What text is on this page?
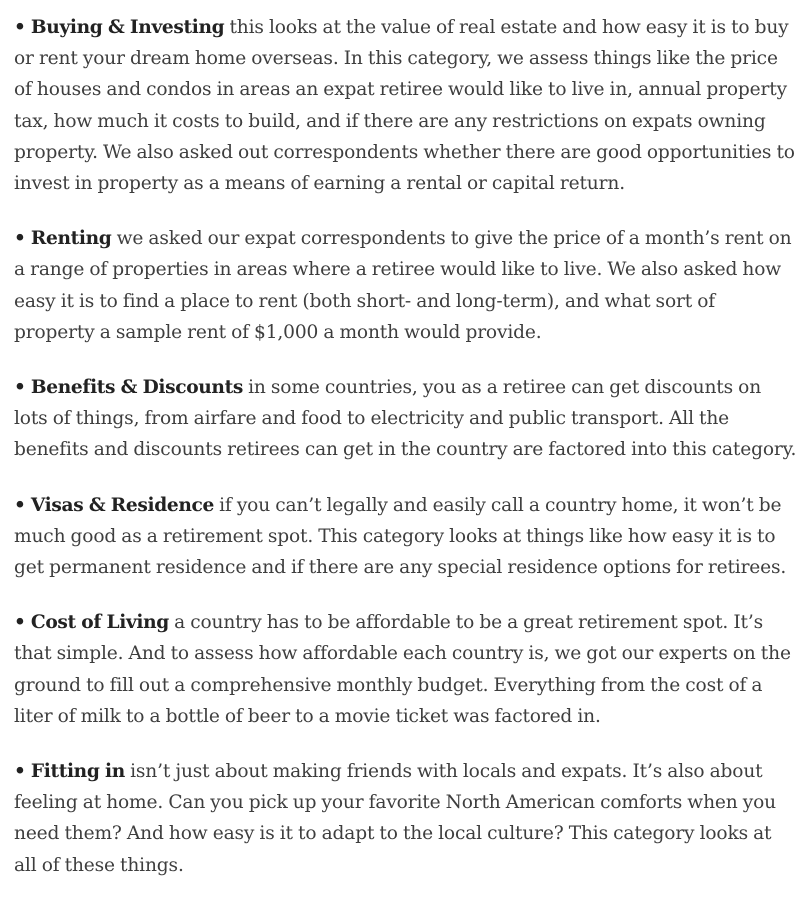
• Buying & Investing this looks at the value of real estate and how easy it is to buy or rent your dream home overseas. In this category, we assess things like the price of houses and condos in areas an expat retiree would like to live in, annual property tax, how much it costs to build, and if there are any restrictions on expats owning property. We also asked out correspondents whether there are good opportunities to invest in property as a means of earning a rental or capital return.

• Renting we asked our expat correspondents to give the price of a month’s rent on a range of properties in areas where a retiree would like to live. We also asked how easy it is to find a place to rent (both short- and long-term), and what sort of property a sample rent of $1,000 a month would provide.

• Benefits & Discounts in some countries, you as a retiree can get discounts on lots of things, from airfare and food to electricity and public transport. All the benefits and discounts retirees can get in the country are factored into this category.

• Visas & Residence if you can’t legally and easily call a country home, it won’t be much good as a retirement spot. This category looks at things like how easy it is to get permanent residence and if there are any special residence options for retirees.

• Cost of Living a country has to be affordable to be a great retirement spot. It’s that simple. And to assess how affordable each country is, we got our experts on the ground to fill out a comprehensive monthly budget. Everything from the cost of a liter of milk to a bottle of beer to a movie ticket was factored in.

• Fitting in isn’t just about making friends with locals and expats. It’s also about feeling at home. Can you pick up your favorite North American comforts when you need them? And how easy is it to adapt to the local culture? This category looks at all of these things.
